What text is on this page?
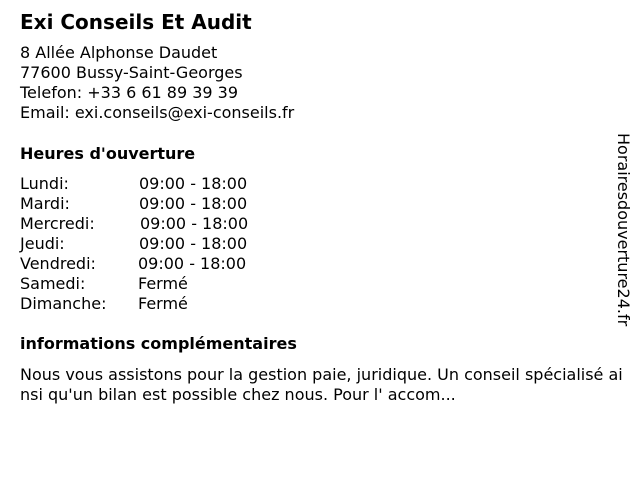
Exi Conseils Et Audit
8 Allée Alphonse Daudet
77600 Bussy-Saint-Georges
Telefon: +33 6 61 89 39 39
Email: exi.conseils@exi-conseils.fr
Heures d'ouverture
Lundi:	09:00 - 18:00
Mardi:	09:00 - 18:00
Mercredi:	09:00 - 18:00
Jeudi:	09:00 - 18:00
Vendredi:	09:00 - 18:00
Samedi:	Fermé
Dimanche: Fermé
informations complémentaires
Nous vous assistons pour la gestion paie, juridique. Un conseil spécialisé ainsi qu'un bilan est possible chez nous. Pour l' accom...
Horairesdouverture24.fr
